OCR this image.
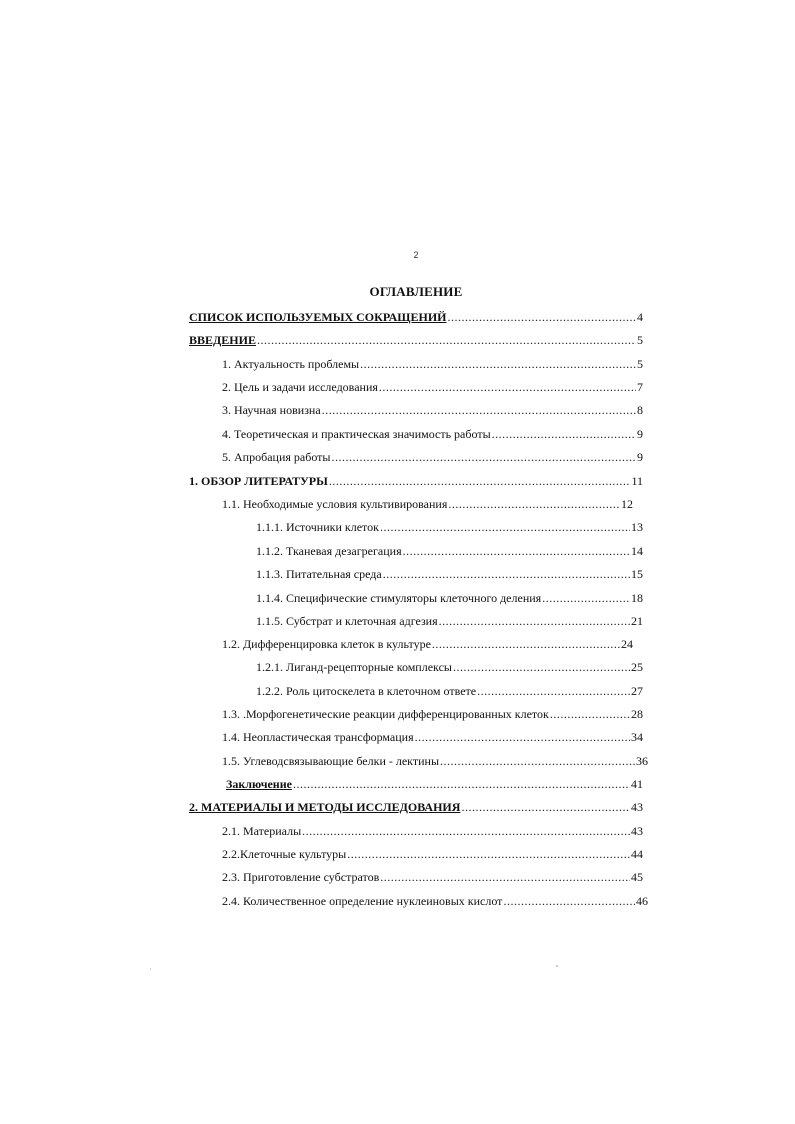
2
ОГЛАВЛЕНИЕ
СПИСОК ИСПОЛЬЗУЕМЫХ СОКРАЩЕНИЙ .....	4
ВВЕДЕНИЕ .....	5
1. Актуальность проблемы .....	5
2. Цель и задачи исследования .....	7
3. Научная новизна .....	8
4. Теоретическая и практическая значимость работы .....	9
5. Апробация работы .....	9
1. ОБЗОР ЛИТЕРАТУРЫ .....	11
1.1. Необходимые условия культивирования .....	12
1.1.1. Источники клеток .....	13
1.1.2. Тканевая дезагрегация .....	14
1.1.3. Питательная среда .....	15
1.1.4. Специфические стимуляторы клеточного деления .....	18
1.1.5. Субстрат и клеточная адгезия .....	21
1.2. Дифференцировка клеток в культуре .....	24
1.2.1. Лиганд-рецепторные комплексы .....	25
1.2.2. Роль цитоскелета в клеточном ответе .....	27
1.3. .Морфогенетические реакции дифференцированных клеток .....	28
1.4. Неопластическая трансформация .....	34
1.5. Углеводсвязывающие белки - лектины .....	36
Заключение .....	41
2. МАТЕРИАЛЫ И МЕТОДЫ ИССЛЕДОВАНИЯ .....	43
2.1. Материалы .....	43
2.2.Клеточные культуры .....	44
2.3. Приготовление субстратов .....	45
2.4. Количественное определение нуклеиновых кислот .....	46
